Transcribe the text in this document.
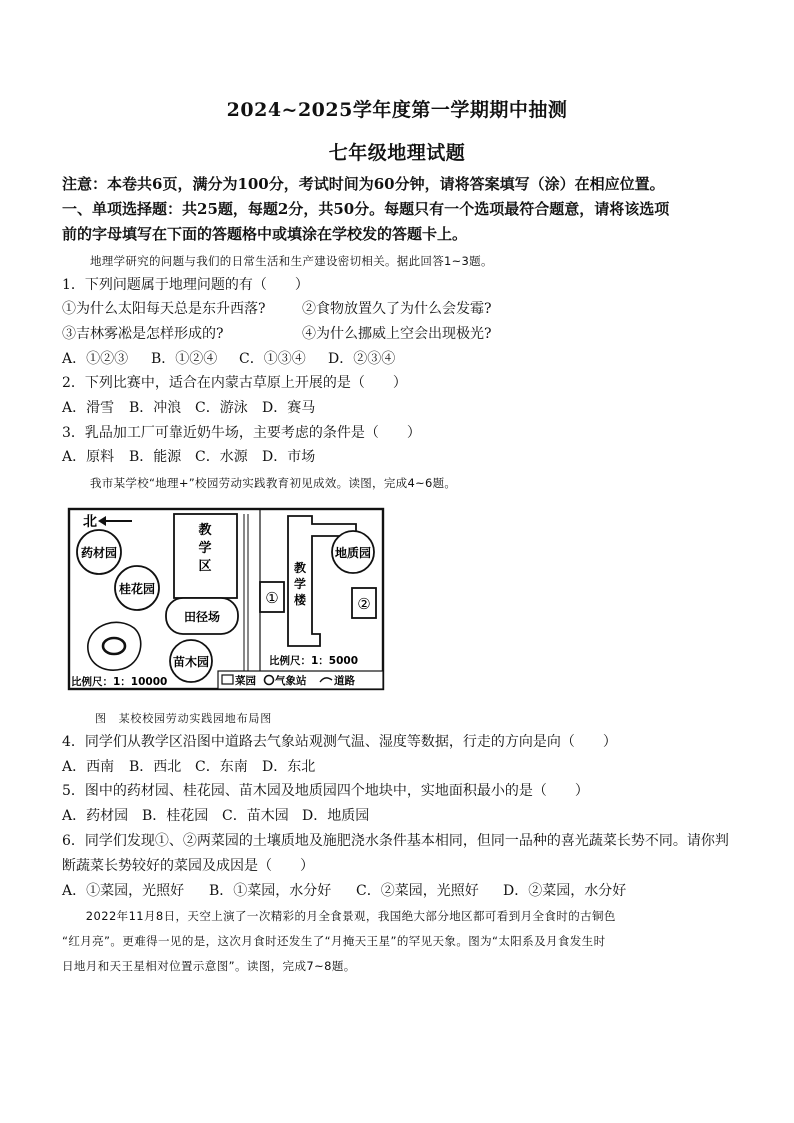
2024~2025学年度第一学期期中抽测
七年级地理试题
注意：本卷共6页，满分为100分，考试时间为60分钟，请将答案填写（涂）在相应位置。
一、单项选择题：共25题，每题2分，共50分。每题只有一个选项最符合题意，请将该选项
前的字母填写在下面的答题格中或填涂在学校发的答题卡上。
地理学研究的问题与我们的日常生活和生产建设密切相关。据此回答1~3题。
1．下列问题属于地理问题的有（　　）
①为什么太阳每天总是东升西落?	②食物放置久了为什么会发霉?
③吉林雾凇是怎样形成的?	④为什么挪威上空会出现极光?
A．①②③ B．①②④ C．①③④ D．②③④
2．下列比赛中，适合在内蒙古草原上开展的是（　　）
A．滑雪 B．冲浪 C．游泳 D．赛马
3．乳品加工厂可靠近奶牛场，主要考虑的条件是（　　）
A．原料 B．能源 C．水源 D．市场
我市某学校“地理+”校园劳动实践教育初见成效。读图，完成4~6题。
北
药材园
桂花园
教
学
区
田径场
苗木园
比例尺：1：10000
教
学
楼
①
地质园
②
比例尺：1：5000
菜园 气象站	道路
图　某校校园劳动实践园地布局图
4．同学们从教学区沿图中道路去气象站观测气温、湿度等数据，行走的方向是向（　　）
A．西南 B．西北 C．东南 D．东北
5．图中的药材园、桂花园、苗木园及地质园四个地块中，实地面积最小的是（　　）
A．药材园 B．桂花园 C．苗木园 D．地质园
6．同学们发现①、②两菜园的土壤质地及施肥浇水条件基本相同，但同一品种的喜光蔬菜长势不同。请你判
断蔬菜长势较好的菜园及成因是（　　）
A．①菜园，光照好 B．①菜园，水分好 C．②菜园，光照好 D．②菜园，水分好
　　2022年11月8日，天空上演了一次精彩的月全食景观，我国绝大部分地区都可看到月全食时的古铜色
“红月亮”。更难得一见的是，这次月食时还发生了“月掩天王星”的罕见天象。图为“太阳系及月食发生时
日地月和天王星相对位置示意图”。读图，完成7~8题。
